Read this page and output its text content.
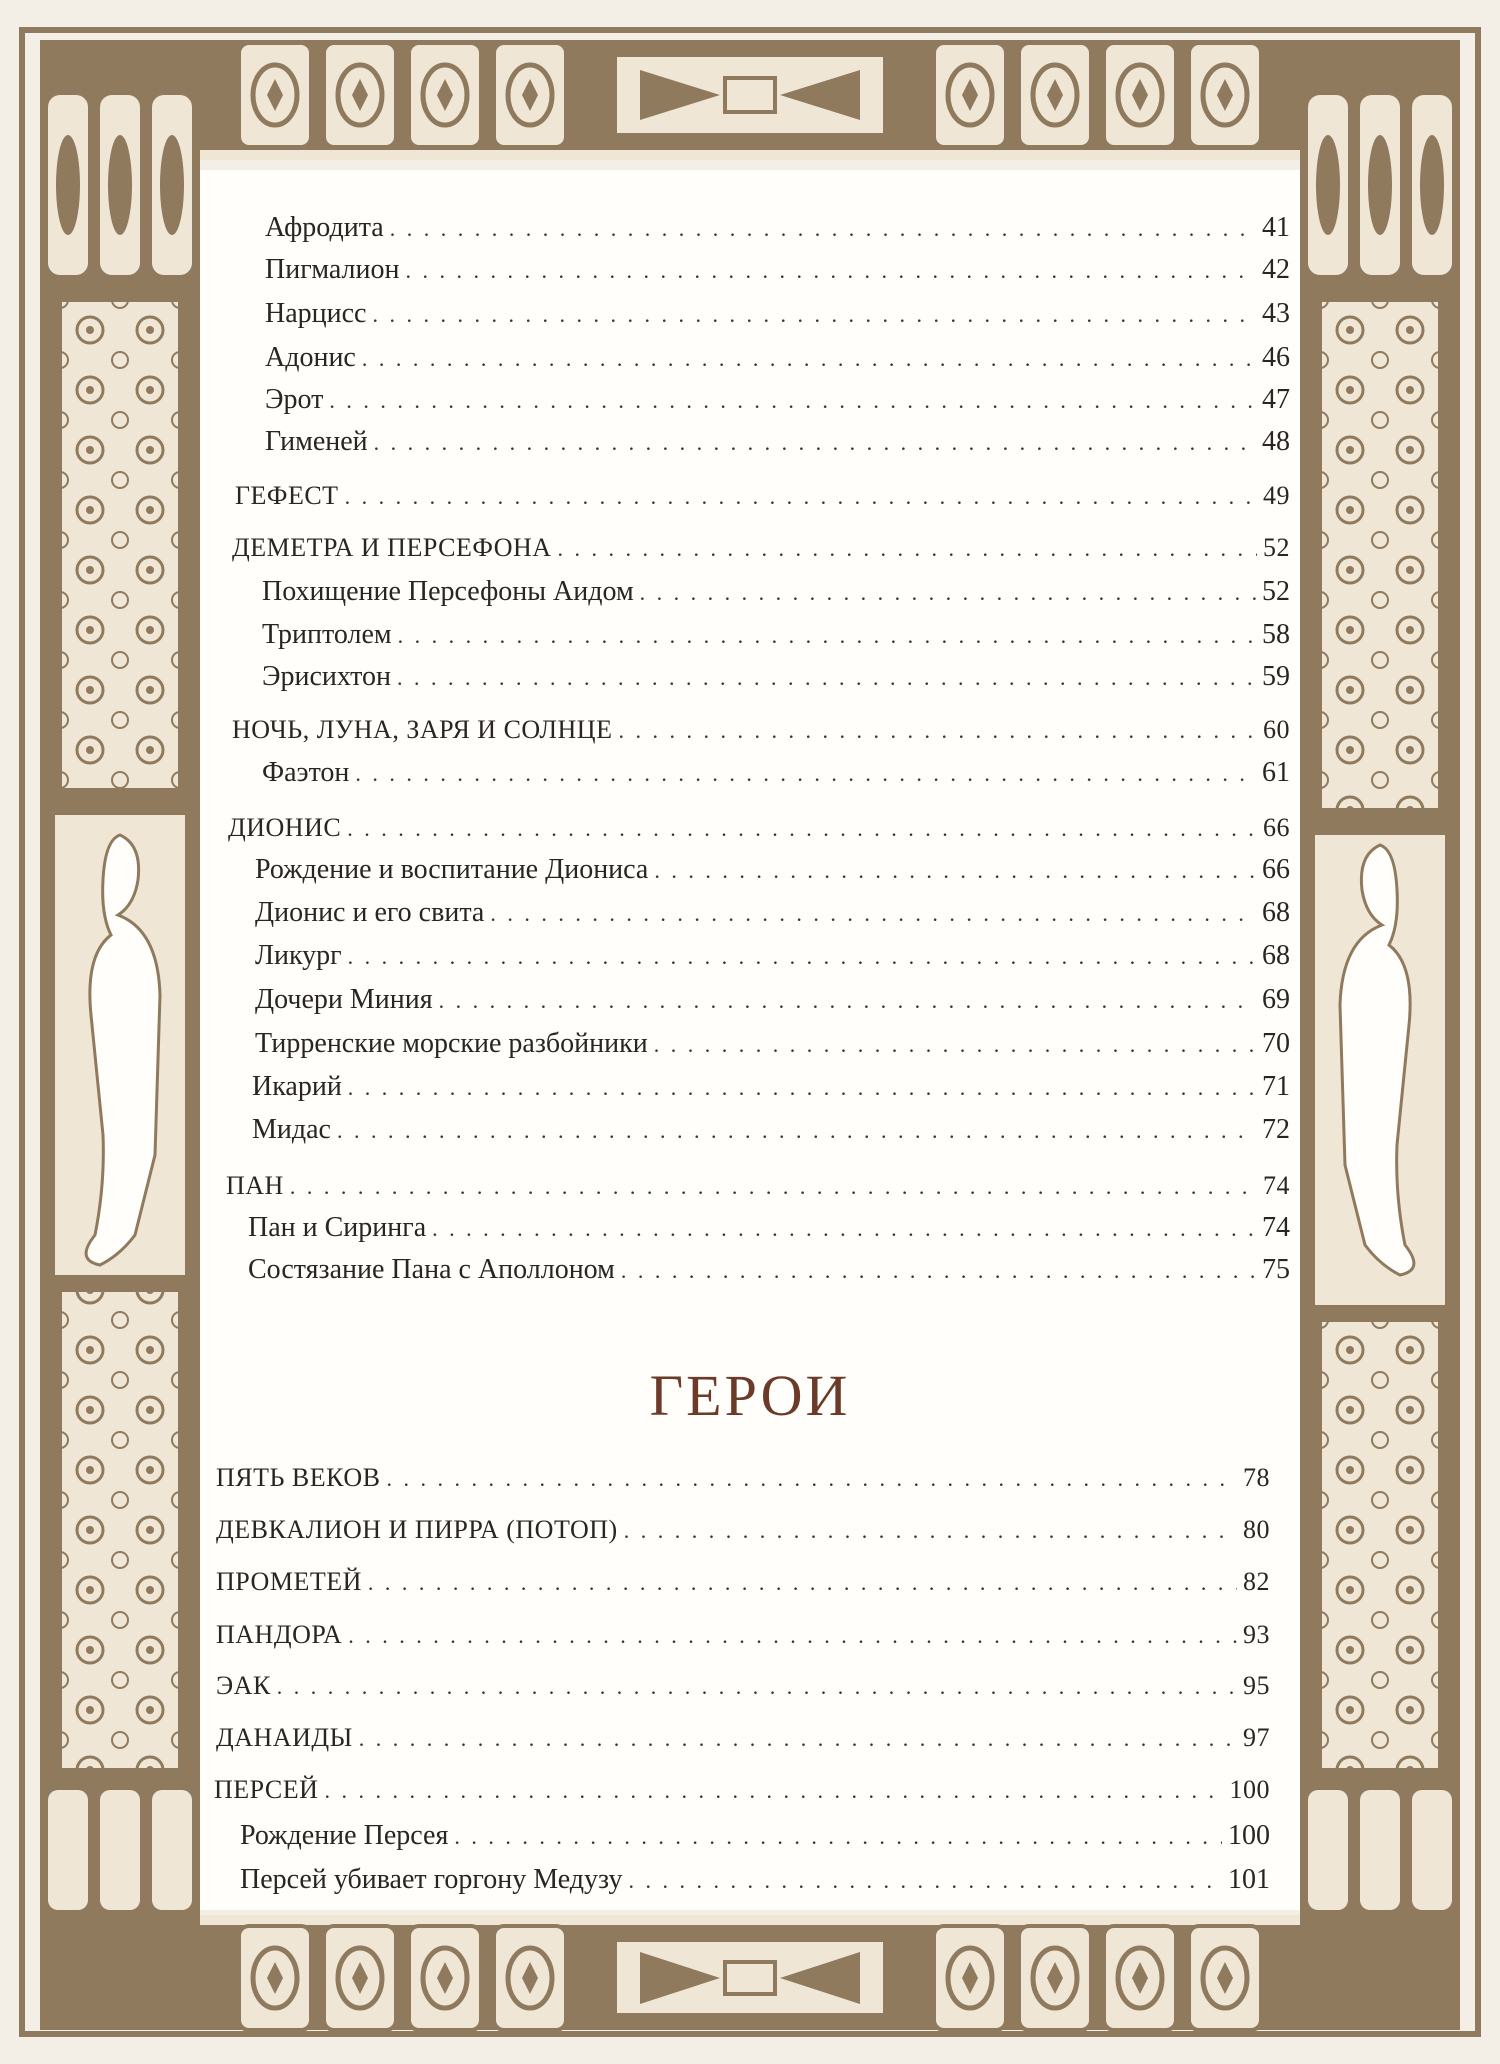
Афродита . . .	41
Пигмалион . . .	42
Нарцисс . . .	43
Адонис . . .	46
Эрот . . .	47
Гименей . . .	48
ГЕФЕСТ . . .	49
ДЕМЕТРА И ПЕРСЕФОНА . . .	52
Похищение Персефоны Аидом . . .	52
Триптолем . . .	58
Эрисихтон . . .	59
НОЧЬ, ЛУНА, ЗАРЯ И СОЛНЦЕ . . .	60
Фаэтон . . .	61
ДИОНИС . . .	66
Рождение и воспитание Диониса . . .	66
Дионис и его свита . . .	68
Ликург . . .	68
Дочери Миния . . .	69
Тирренские морские разбойники . . .	70
Икарий . . .	71
Мидас . . .	72
ПАН . . .	74
Пан и Сиринга . . .	74
Состязание Пана с Аполлоном . . .	75
ГЕРОИ
ПЯТЬ ВЕКОВ . . .	78
ДЕВКАЛИОН И ПИРРА (ПОТОП) . . .	80
ПРОМЕТЕЙ . . .	82
ПАНДОРА . . .	93
ЭАК . . .	95
ДАНАИДЫ . . .	97
ПЕРСЕЙ . . .	100
Рождение Персея . . .	100
Персей убивает горгону Медузу . . .	101
